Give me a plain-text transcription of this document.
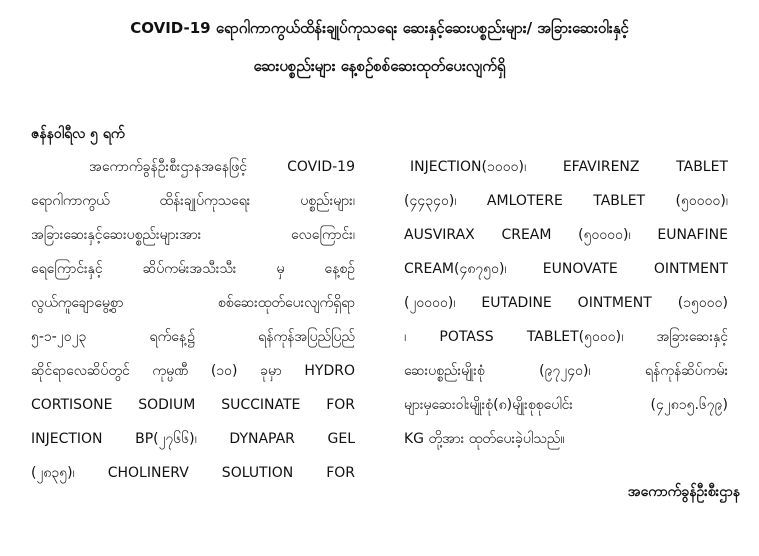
COVID-19 ရောဂါကာကွယ်ထိန်းချုပ်ကုသရေး ဆေးနှင့်ဆေးပစ္စည်းများ/ အခြားဆေးဝါးနှင့်
ဆေးပစ္စည်းများ နေ့စဉ်စစ်ဆေးထုတ်ပေးလျက်ရှိ
ဇန်နဝါရီလ ၅ ရက်
အကောက်ခွန်ဦးစီးဌာနအနေဖြင့် COVID-19
ရောဂါကာကွယ် ထိန်းချုပ်ကုသရေး ပစ္စည်းများ၊
အခြားဆေးနှင့်ဆေးပစ္စည်းများအား လေကြောင်း၊
ရေကြောင်းနှင့် ဆိပ်ကမ်းအသီးသီး မှ နေ့စဉ်
လွယ်ကူချောမွေ့စွာ စစ်ဆေးထုတ်ပေးလျက်ရှိရာ
၅-၁-၂၀၂၃ ရက်နေ့၌ ရန်ကုန်အပြည်ပြည်
ဆိုင်ရာလေဆိပ်တွင် ကုမ္ပဏီ (၁၀) ခုမှာ HYDRO
CORTISONE SODIUM SUCCINATE FOR
INJECTION BP(၂၇၆၆)၊ DYNAPAR GEL
(၂၈၃၅)၊ CHOLINERV SOLUTION FOR
INJECTION(၁၀၀၀)၊ EFAVIRENZ TABLET
(၄၄၃၄၀)၊ AMLOTERE TABLET (၅၀၀၀၀)၊
AUSVIRAX CREAM (၅၀၀၀၀)၊ EUNAFINE
CREAM(၄၈၇၅၀)၊ EUNOVATE OINTMENT
(၂၀၀၀၀)၊ EUTADINE OINTMENT (၁၅၀၀၀)
၊ POTASS TABLET(၅၀၀၀)၊ အခြားဆေးနှင့်
ဆေးပစ္စည်းမျိုးစုံ (၉၇၂၄၀)၊ ရန်ကုန်ဆိပ်ကမ်း
များမှဆေးဝါးမျိုးစုံ(၈)မျိုးစုစုပေါင်း (၄၂၈၁၅.၆၇၉)
KG တို့အား ထုတ်ပေးခဲ့ပါသည်။
အကောက်ခွန်ဦးစီးဌာန
